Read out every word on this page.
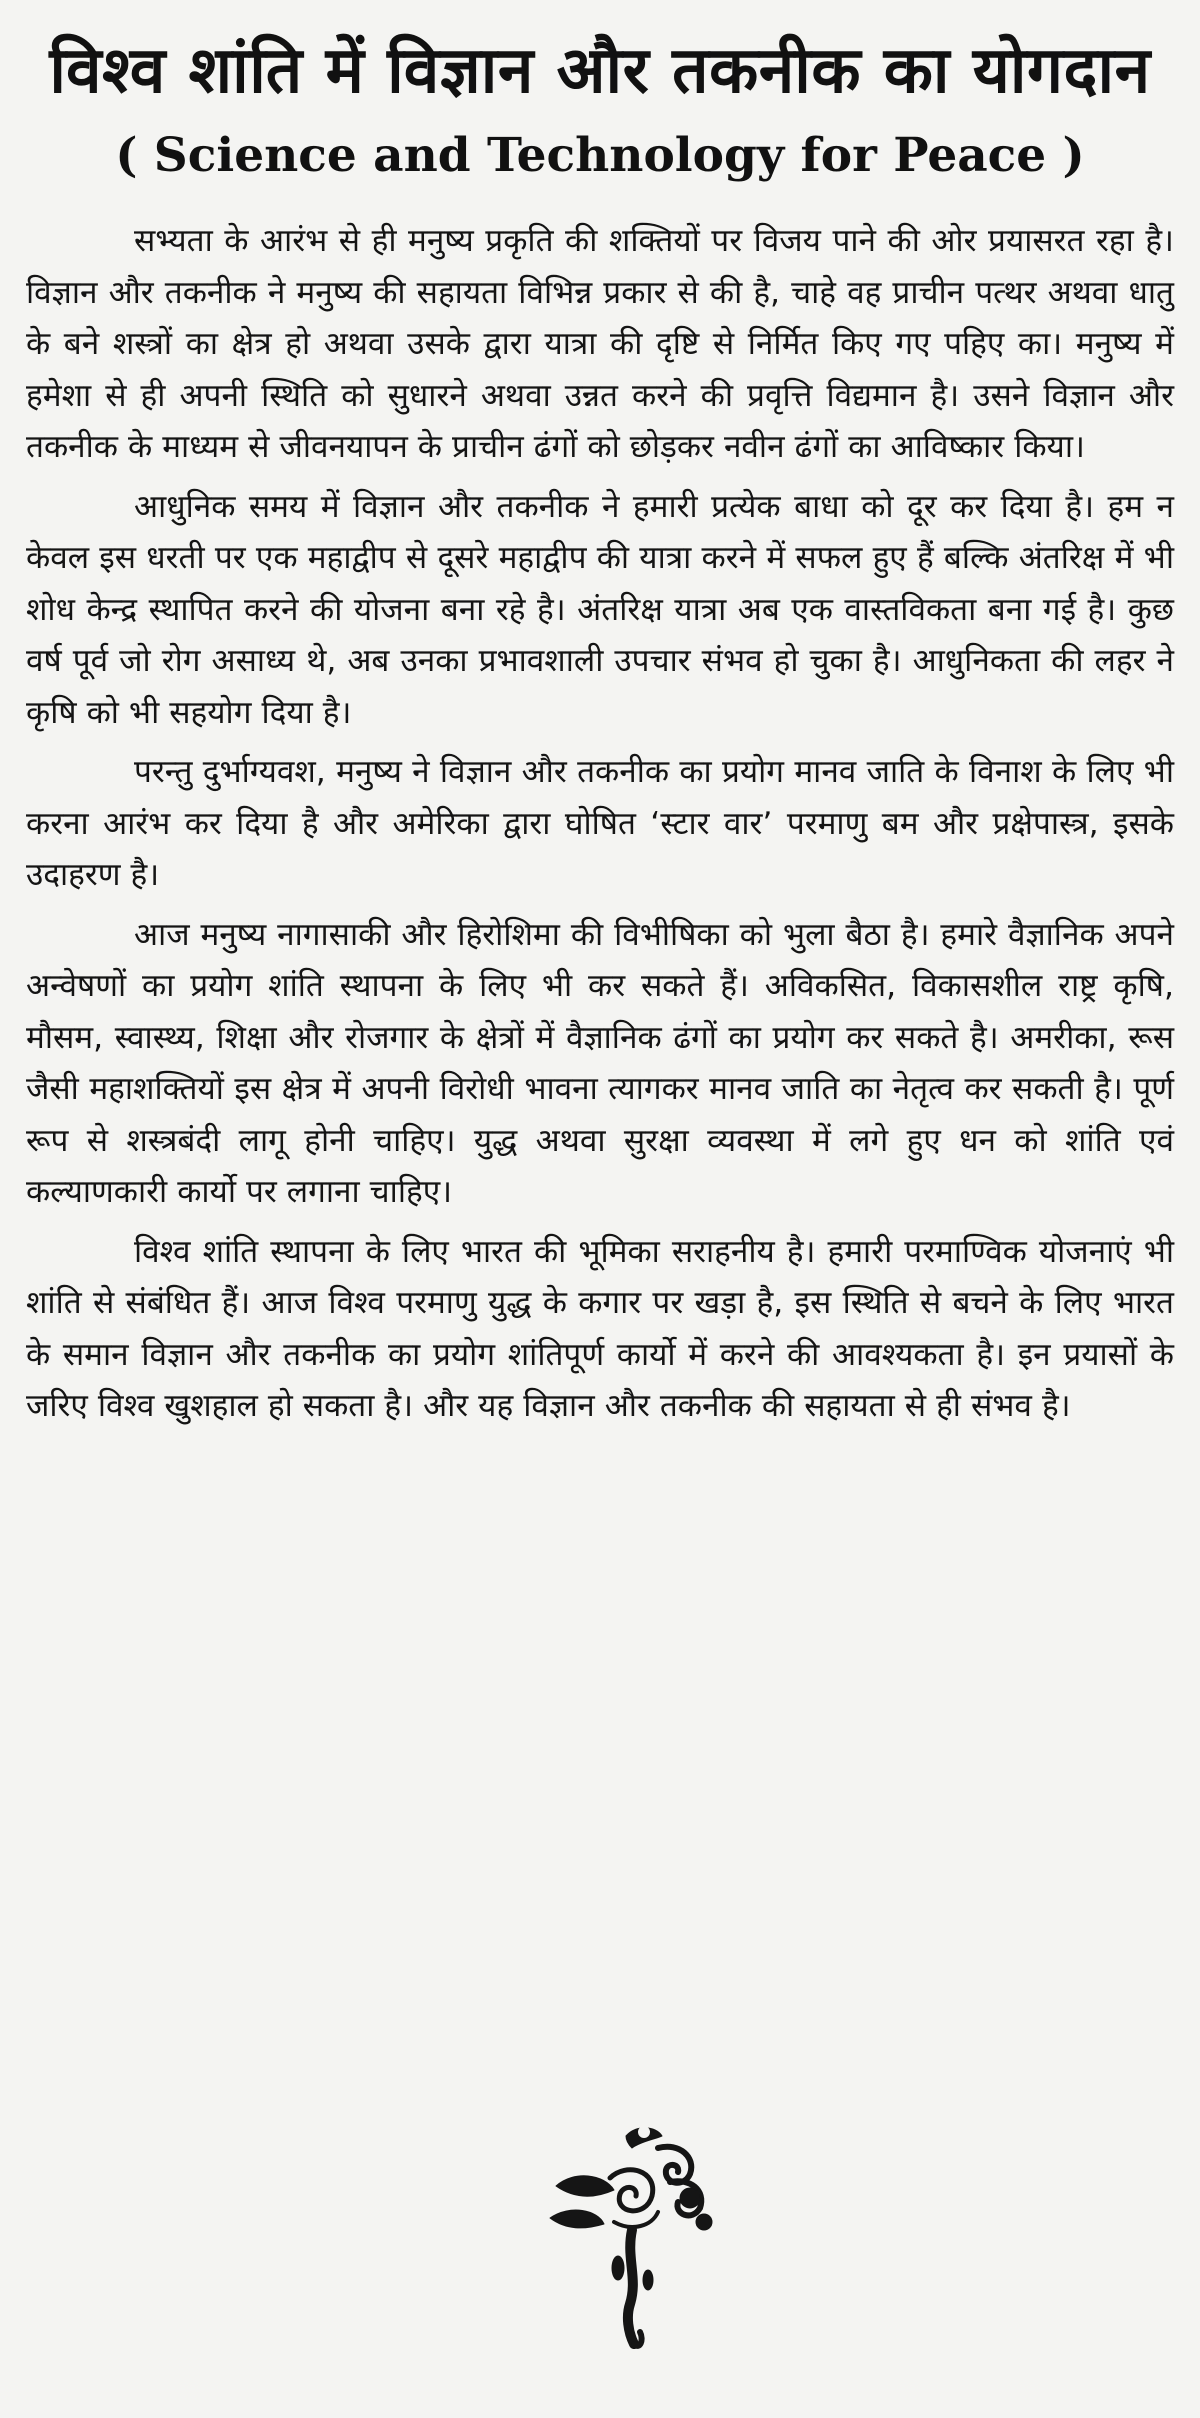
विश्व शांति में विज्ञान और तकनीक का योगदान
( Science and Technology for Peace )

सभ्यता के आरंभ से ही मनुष्य प्रकृति की शक्तियों पर विजय पाने की ओर प्रयासरत रहा है। विज्ञान और तकनीक ने मनुष्य की सहायता विभिन्न प्रकार से की है, चाहे वह प्राचीन पत्थर अथवा धातु के बने शस्त्रों का क्षेत्र हो अथवा उसके द्वारा यात्रा की दृष्टि से निर्मित किए गए पहिए का। मनुष्य में हमेशा से ही अपनी स्थिति को सुधारने अथवा उन्नत करने की प्रवृत्ति विद्यमान है। उसने विज्ञान और तकनीक के माध्यम से जीवनयापन के प्राचीन ढंगों को छोड़कर नवीन ढंगों का आविष्कार किया।

आधुनिक समय में विज्ञान और तकनीक ने हमारी प्रत्येक बाधा को दूर कर दिया है। हम न केवल इस धरती पर एक महाद्वीप से दूसरे महाद्वीप की यात्रा करने में सफल हुए हैं बल्कि अंतरिक्ष में भी शोध केन्द्र स्थापित करने की योजना बना रहे है। अंतरिक्ष यात्रा अब एक वास्तविकता बना गई है। कुछ वर्ष पूर्व जो रोग असाध्य थे, अब उनका प्रभावशाली उपचार संभव हो चुका है। आधुनिकता की लहर ने कृषि को भी सहयोग दिया है।

परन्तु दुर्भाग्यवश, मनुष्य ने विज्ञान और तकनीक का प्रयोग मानव जाति के विनाश के लिए भी करना आरंभ कर दिया है और अमेरिका द्वारा घोषित ‘स्टार वार’ परमाणु बम और प्रक्षेपास्त्र, इसके उदाहरण है।

आज मनुष्य नागासाकी और हिरोशिमा की विभीषिका को भुला बैठा है। हमारे वैज्ञानिक अपने अन्वेषणों का प्रयोग शांति स्थापना के लिए भी कर सकते हैं। अविकसित, विकासशील राष्ट्र कृषि, मौसम, स्वास्थ्य, शिक्षा और रोजगार के क्षेत्रों में वैज्ञानिक ढंगों का प्रयोग कर सकते है। अमरीका, रूस जैसी महाशक्तियों इस क्षेत्र में अपनी विरोधी भावना त्यागकर मानव जाति का नेतृत्व कर सकती है। पूर्ण रूप से शस्त्रबंदी लागू होनी चाहिए। युद्ध अथवा सुरक्षा व्यवस्था में लगे हुए धन को शांति एवं कल्याणकारी कार्यो पर लगाना चाहिए।

विश्व शांति स्थापना के लिए भारत की भूमिका सराहनीय है। हमारी परमाण्विक योजनाएं भी शांति से संबंधित हैं। आज विश्व परमाणु युद्ध के कगार पर खड़ा है, इस स्थिति से बचने के लिए भारत के समान विज्ञान और तकनीक का प्रयोग शांतिपूर्ण कार्यो में करने की आवश्यकता है। इन प्रयासों के जरिए विश्व खुशहाल हो सकता है। और यह विज्ञान और तकनीक की सहायता से ही संभव है।
